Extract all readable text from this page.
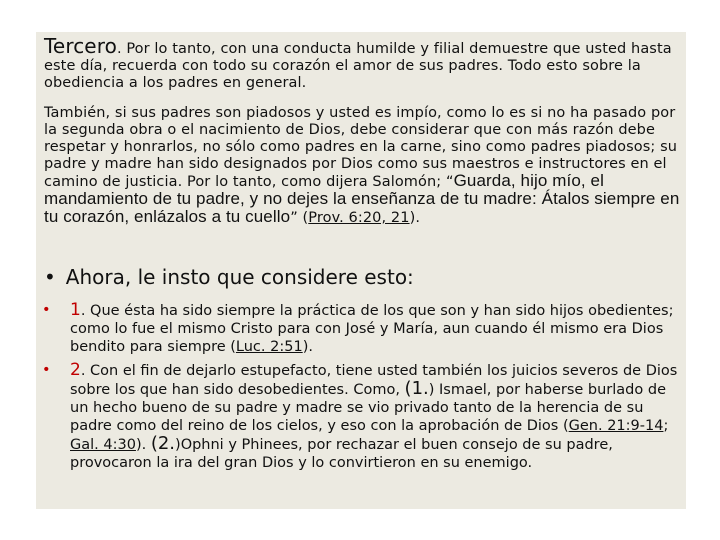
Tercero. Por lo tanto, con una conducta humilde y filial demuestre que usted hasta este día, recuerda con todo su corazón el amor de sus padres. Todo esto sobre la obediencia a los padres en general.
También, si sus padres son piadosos y usted es impío, como lo es si no ha pasado por la segunda obra o el nacimiento de Dios, debe considerar que con más razón debe respetar y honrarlos, no sólo como padres en la carne, sino como padres piadosos; su padre y madre han sido designados por Dios como sus maestros e instructores en el camino de justicia. Por lo tanto, como dijera Salomón; “Guarda, hijo mío, el mandamiento de tu padre, y no dejes la enseñanza de tu madre: Átalos siempre en tu corazón, enlázalos a tu cuello” (Prov. 6:20, 21).
• Ahora, le insto que considere esto:
• 1. Que ésta ha sido siempre la práctica de los que son y han sido hijos obedientes; como lo fue el mismo Cristo para con José y María, aun cuando él mismo era Dios bendito para siempre (Luc. 2:51).
• 2. Con el fin de dejarlo estupefacto, tiene usted también los juicios severos de Dios sobre los que han sido desobedientes. Como, (1.) Ismael, por haberse burlado de un hecho bueno de su padre y madre se vio privado tanto de la herencia de su padre como del reino de los cielos, y eso con la aprobación de Dios (Gen. 21:9-14; Gal. 4:30). (2.)Ophni y Phinees, por rechazar el buen consejo de su padre, provocaron la ira del gran Dios y lo convirtieron en su enemigo.
